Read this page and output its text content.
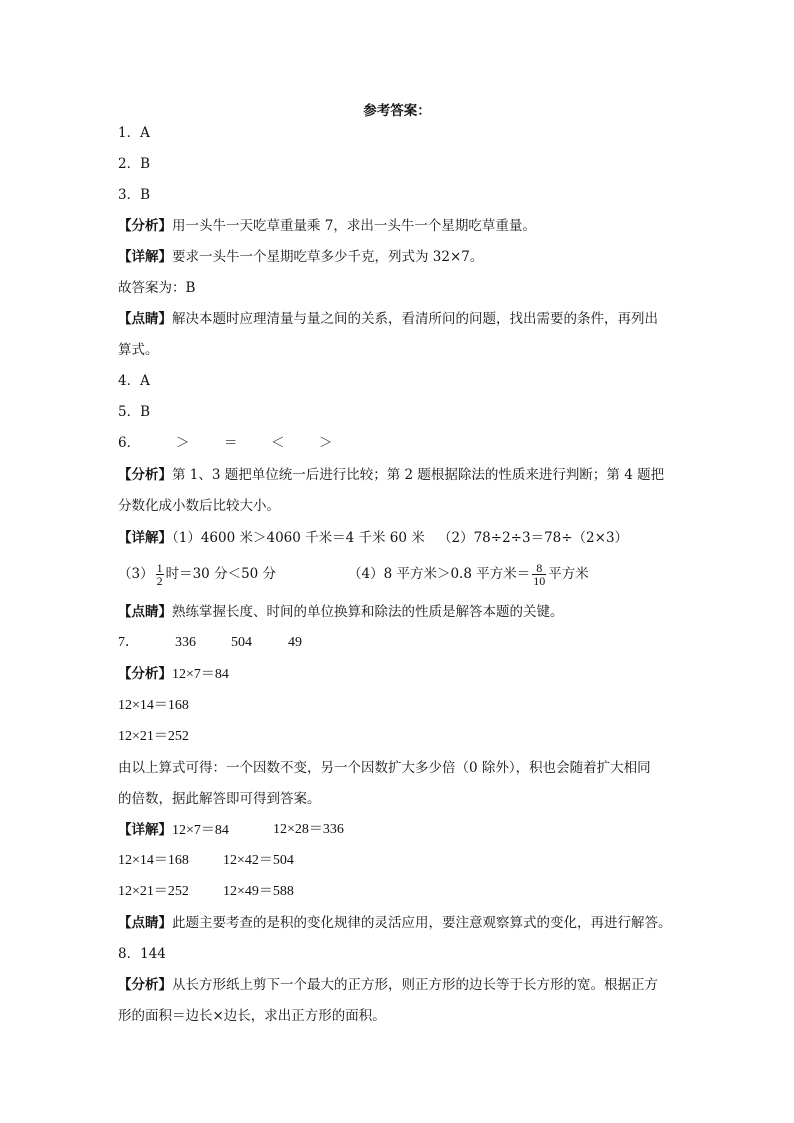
参考答案：
1．A
2．B
3．B
【分析】用一头牛一天吃草重量乘 7，求出一头牛一个星期吃草重量。
【详解】要求一头牛一个星期吃草多少千克，列式为 32×7。
故答案为：B
【点睛】解决本题时应理清量与量之间的关系，看清所问的问题，找出需要的条件，再列出
算式。
4．A
5．B
6．	＞	＝ ＜	＞
【分析】第 1、3 题把单位统一后进行比较；第 2 题根据除法的性质来进行判断；第 4 题把
分数化成小数后比较大小。
【详解】（1）4600 米＞4060 千米＝4 千米 60 米 （2）78÷2÷3＝78÷（2×3）
$(3) \frac{1}{2}$ 时＝30 分＜50 分	（4）8 平方米＞0.8 平方米＝ $\frac{8}{10}$ 平方米
【点睛】熟练掌握长度、时间的单位换算和除法的性质是解答本题的关键。
7．	336	504	49
【分析】12×7＝84
12×14＝168
12×21＝252
由以上算式可得：一个因数不变，另一个因数扩大多少倍（0 除外），积也会随着扩大相同
的倍数，据此解答即可得到答案。
【详解】12×7＝84	12×28＝336
12×14＝168 12×42＝504
12×21＝252 12×49＝588
【点睛】此题主要考查的是积的变化规律的灵活应用，要注意观察算式的变化，再进行解答。
8．144
【分析】从长方形纸上剪下一个最大的正方形，则正方形的边长等于长方形的宽。根据正方
形的面积＝边长×边长，求出正方形的面积。
